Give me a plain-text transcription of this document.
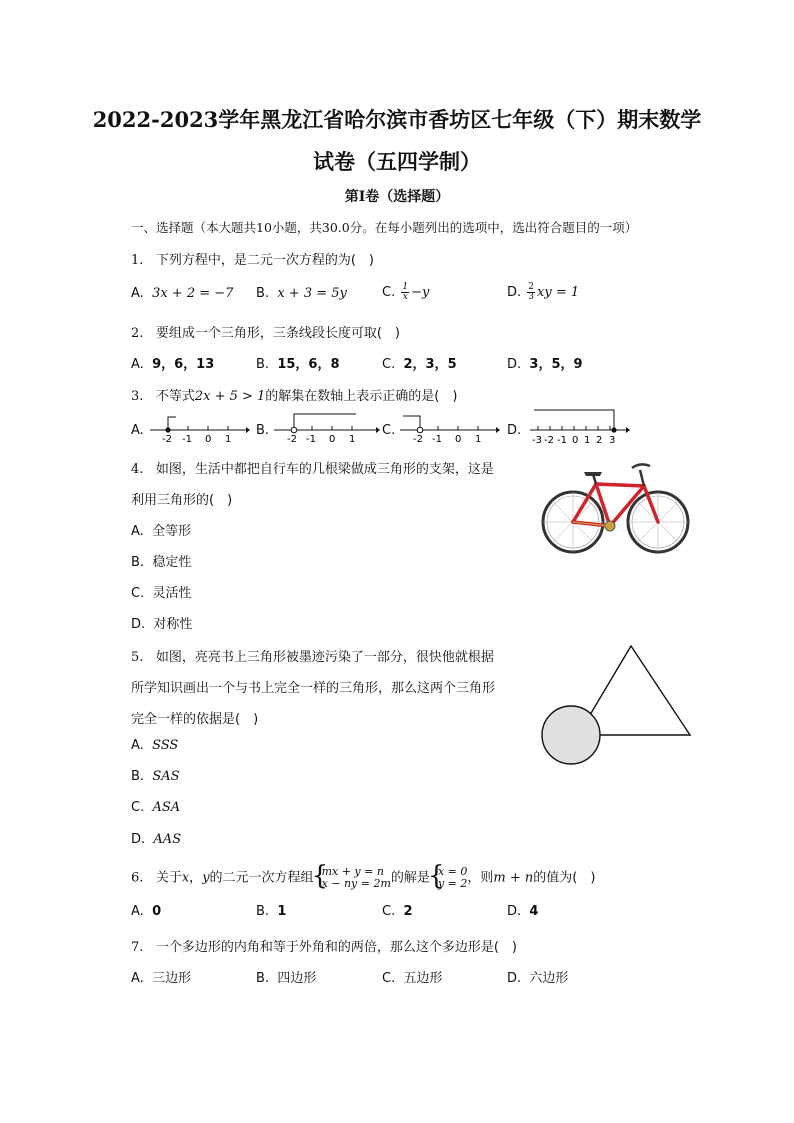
2022-2023学年黑龙江省哈尔滨市香坊区七年级（下）期末数学
试卷（五四学制）
第I卷（选择题）
一、选择题（本大题共10小题，共30.0分。在每小题列出的选项中，选出符合题目的一项）
1. 下列方程中，是二元一次方程的为(　)
A. 3x + 2 = −7 B. x + 3 = 5y	C. $\frac{1}{x} -y$	D. $\frac{2}{3}$ xy = 1
2. 要组成一个三角形，三条线段长度可取(　)
A. 9，6，13	B. 15，6，8	C. 2，3，5	D. 3，5，9
3. 不等式2x + 5 > 1的解集在数轴上表示正确的是(　)
A.
-2 -1 0 1
B.
-2 -1 0 1
C.
-2 -1 0 1
D.
-3 -2 -1 0 1 2 3
4. 如图，生活中都把自行车的几根梁做成三角形的支架，这是
利用三角形的(　)
A. 全等形
B. 稳定性
C. 灵活性
D. 对称性
5. 如图，亮亮书上三角形被墨迹污染了一部分，很快他就根据
所学知识画出一个与书上完全一样的三角形，那么这两个三角形
完全一样的依据是(　)
A. SSS
B. SAS
C. ASA
D. AAS
6. 关于x，y的二元一次方程组 { mx + y = n
x − ny = 2m 的解是 { x = 0
y = 2 ，则m + n的值为(　)
A. 0	B. 1	C. 2	D. 4
7. 一个多边形的内角和等于外角和的两倍，那么这个多边形是(　)
A. 三边形	B. 四边形	C. 五边形	D. 六边形
